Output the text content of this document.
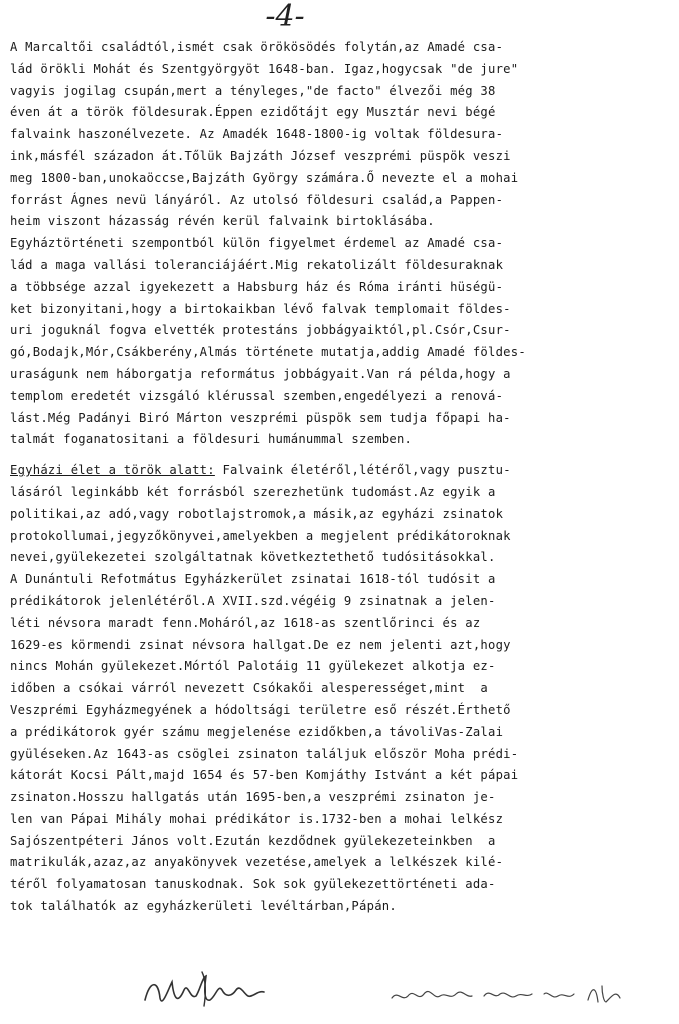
-4-
A Marcaltői családtól,ismét csak örökösödés folytán,az Amadé csa-
lád örökli Mohát és Szentgyörgyöt 1648-ban. Igaz,hogycsak "de jure"
vagyis jogilag csupán,mert a tényleges,"de facto" élvezői még 38
éven át a török földesurak.Éppen ezidőtájt egy Musztár nevi bégé
falvaink haszonélvezete. Az Amadék 1648-1800-ig voltak földesura-
ink,másfél századon át.Tőlük Bajzáth József veszprémi püspök veszi
meg 1800-ban,unokaöccse,Bajzáth György számára.Ő nevezte el a mohai
forrást Ágnes nevü lányáról. Az utolsó földesuri család,a Pappen-
heim viszont házasság révén kerül falvaink birtoklásába.
Egyháztörténeti szempontból külön figyelmet érdemel az Amadé csa-
lád a maga vallási toleranciájáért.Mig rekatolizált földesuraknak
a többsége azzal igyekezett a Habsburg ház és Róma iránti hüségü-
ket bizonyitani,hogy a birtokaikban lévő falvak templomait földes-
uri joguknál fogva elvették protestáns jobbágyaiktól,pl.Csór,Csur-
gó,Bodajk,Mór,Csákberény,Almás története mutatja,addig Amadé földes-
uraságunk nem háborgatja református jobbágyait.Van rá példa,hogy a
templom eredetét vizsgáló klérussal szemben,engedélyezi a renová-
lást.Még Padányi Biró Márton veszprémi püspök sem tudja főpapi ha-
talmát foganatositani a földesuri humánummal szemben.
Egyházi élet a török alatt: Falvaink életéről,létéről,vagy pusztu-
lásáról leginkább két forrásból szerezhetünk tudomást.Az egyik a
politikai,az adó,vagy robotlajstromok,a másik,az egyházi zsinatok
protokollumai,jegyzőkönyvei,amelyekben a megjelent prédikátoroknak
nevei,gyülekezetei szolgáltatnak következtethető tudósitásokkal.
A Dunántuli Refotmátus Egyházkerület zsinatai 1618-tól tudósit a
prédikátorok jelenlétéről.A XVII.szd.végéig 9 zsinatnak a jelen-
léti névsora maradt fenn.Moháról,az 1618-as szentlőrinci és az
1629-es körmendi zsinat névsora hallgat.De ez nem jelenti azt,hogy
nincs Mohán gyülekezet.Mórtól Palotáig 11 gyülekezet alkotja ez-
időben a csókai várról nevezett Csókakői alesperességet,mint  a
Veszprémi Egyházmegyének a hódoltsági területre eső részét.Érthető
a prédikátorok gyér számu megjelenése ezidőkben,a távoliVas-Zalai
gyüléseken.Az 1643-as csöglei zsinaton találjuk először Moha prédi-
kátorát Kocsi Pált,majd 1654 és 57-ben Komjáthy Istvánt a két pápai
zsinaton.Hosszu hallgatás után 1695-ben,a veszprémi zsinaton je-
len van Pápai Mihály mohai prédikátor is.1732-ben a mohai lelkész
Sajószentpéteri János volt.Ezután kezdődnek gyülekezeteinkben  a
matrikulák,azaz,az anyakönyvek vezetése,amelyek a lelkészek kilé-
téről folyamatosan tanuskodnak. Sok sok gyülekezettörténeti ada-
tok találhatók az egyházkerületi levéltárban,Pápán.
